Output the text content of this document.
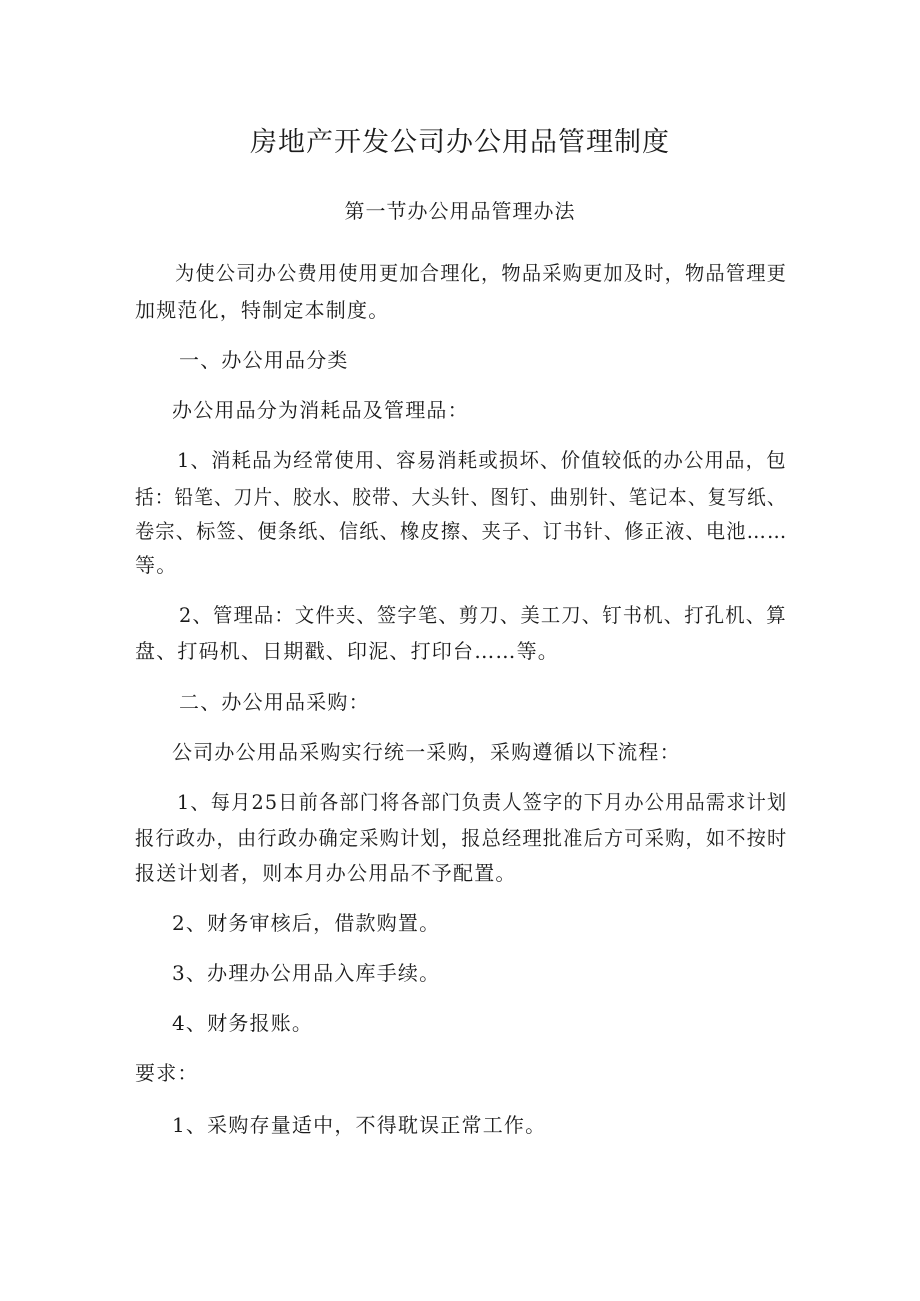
房地产开发公司办公用品管理制度
第一节办公用品管理办法
为使公司办公费用使用更加合理化，物品采购更加及时，物品管理更
加规范化，特制定本制度。
一、办公用品分类
办公用品分为消耗品及管理品：
1、消耗品为经常使用、容易消耗或损坏、价值较低的办公用品，包
括：铅笔、刀片、胶水、胶带、大头针、图钉、曲别针、笔记本、复写纸、
卷宗、标签、便条纸、信纸、橡皮擦、夹子、订书针、修正液、电池……
等。
2、管理品：文件夹、签字笔、剪刀、美工刀、钉书机、打孔机、算
盘、打码机、日期戳、印泥、打印台……等。
二、办公用品采购：
公司办公用品采购实行统一采购，采购遵循以下流程：
1、每月25日前各部门将各部门负责人签字的下月办公用品需求计划
报行政办，由行政办确定采购计划，报总经理批准后方可采购，如不按时
报送计划者，则本月办公用品不予配置。
2、财务审核后，借款购置。
3、办理办公用品入库手续。
4、财务报账。
要求：
1、采购存量适中，不得耽误正常工作。
